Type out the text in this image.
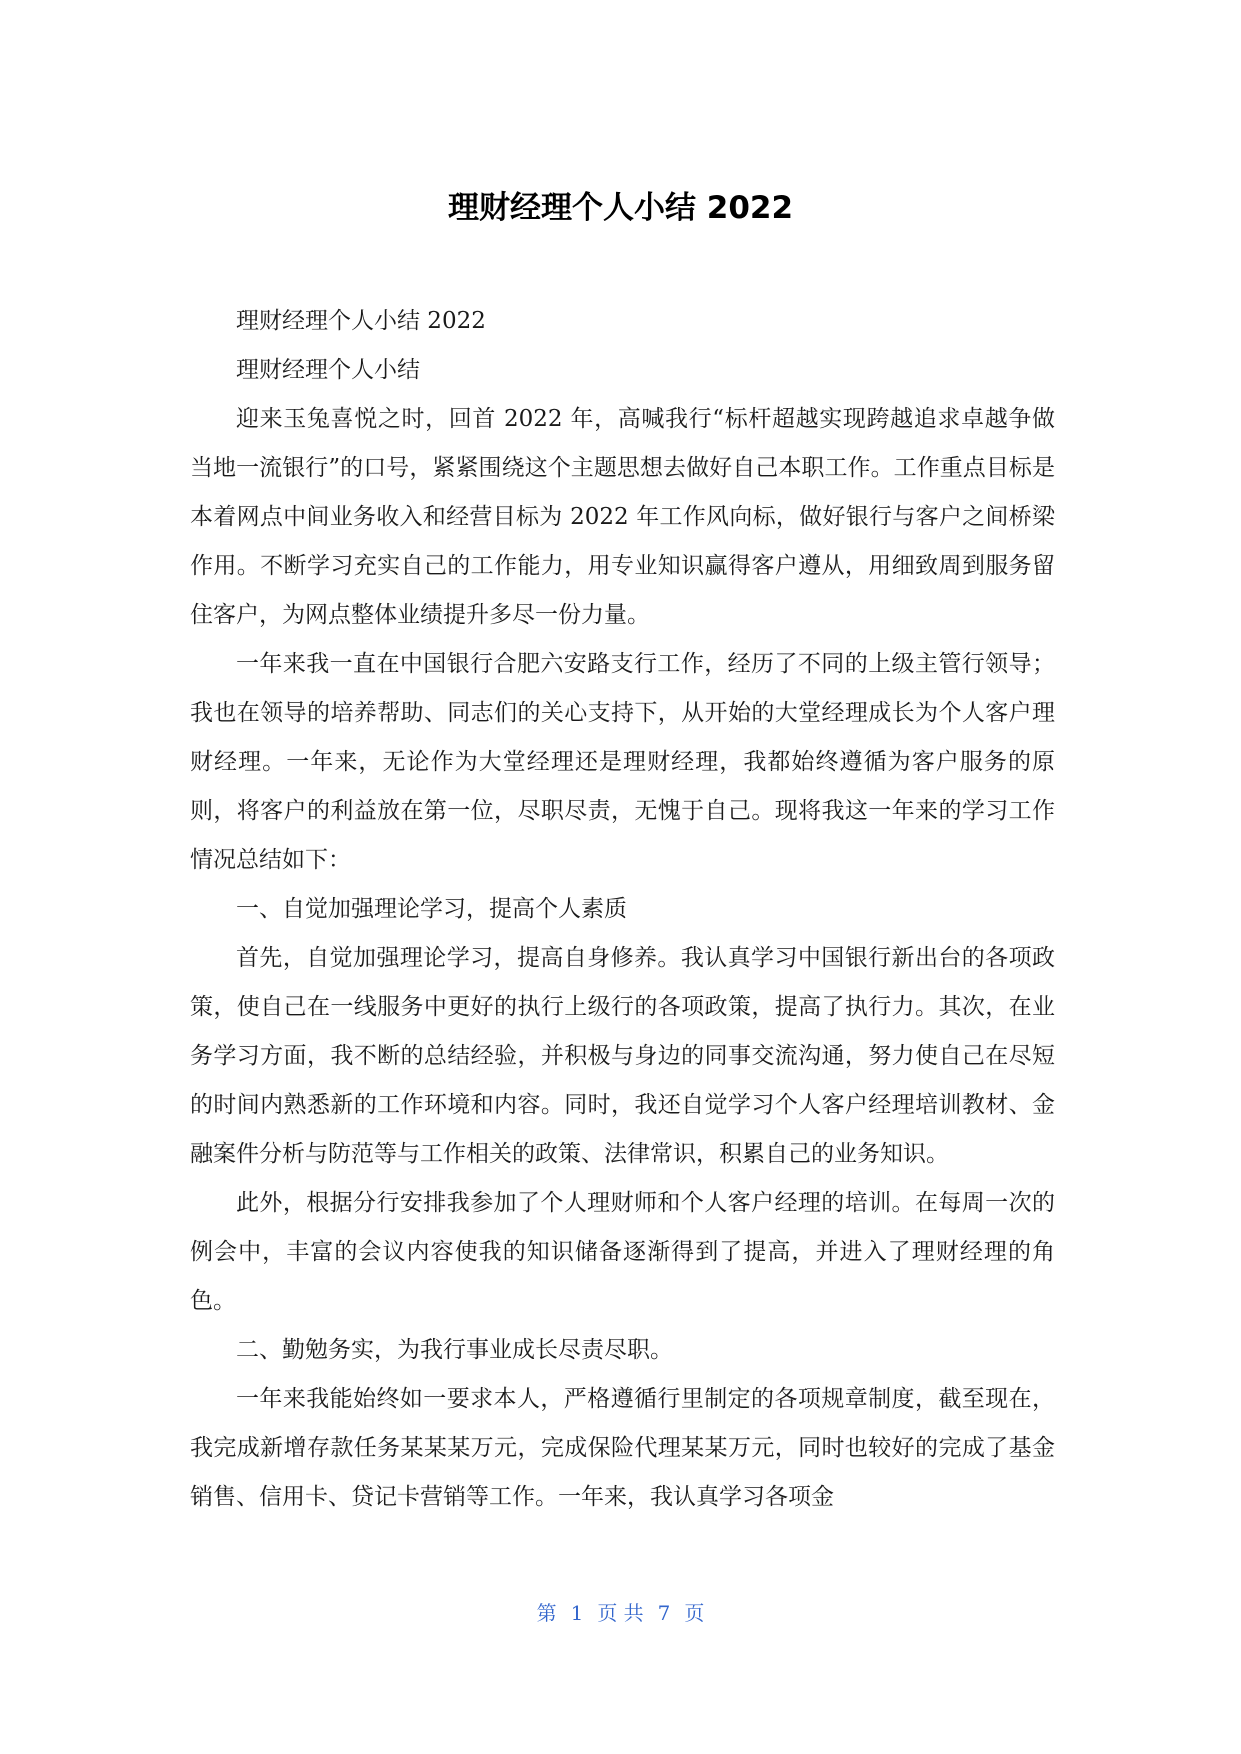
理财经理个人小结 2022

理财经理个人小结 2022

理财经理个人小结

迎来玉兔喜悦之时，回首 2022 年，高喊我行“标杆超越实现跨越追求卓越争做当地一流银行”的口号，紧紧围绕这个主题思想去做好自己本职工作。工作重点目标是本着网点中间业务收入和经营目标为 2022 年工作风向标，做好银行与客户之间桥梁作用。不断学习充实自己的工作能力，用专业知识赢得客户遵从，用细致周到服务留住客户，为网点整体业绩提升多尽一份力量。

一年来我一直在中国银行合肥六安路支行工作，经历了不同的上级主管行领导；我也在领导的培养帮助、同志们的关心支持下，从开始的大堂经理成长为个人客户理财经理。一年来，无论作为大堂经理还是理财经理，我都始终遵循为客户服务的原则，将客户的利益放在第一位，尽职尽责，无愧于自己。现将我这一年来的学习工作情况总结如下：

一、自觉加强理论学习，提高个人素质

首先，自觉加强理论学习，提高自身修养。我认真学习中国银行新出台的各项政策，使自己在一线服务中更好的执行上级行的各项政策，提高了执行力。其次，在业务学习方面，我不断的总结经验，并积极与身边的同事交流沟通，努力使自己在尽短的时间内熟悉新的工作环境和内容。同时，我还自觉学习个人客户经理培训教材、金融案件分析与防范等与工作相关的政策、法律常识，积累自己的业务知识。

此外，根据分行安排我参加了个人理财师和个人客户经理的培训。在每周一次的例会中，丰富的会议内容使我的知识储备逐渐得到了提高，并进入了理财经理的角色。

二、勤勉务实，为我行事业成长尽责尽职。

一年来我能始终如一要求本人，严格遵循行里制定的各项规章制度，截至现在，我完成新增存款任务某某某万元，完成保险代理某某万元，同时也较好的完成了基金销售、信用卡、贷记卡营销等工作。一年来，我认真学习各项金

第 1 页 共 7 页
